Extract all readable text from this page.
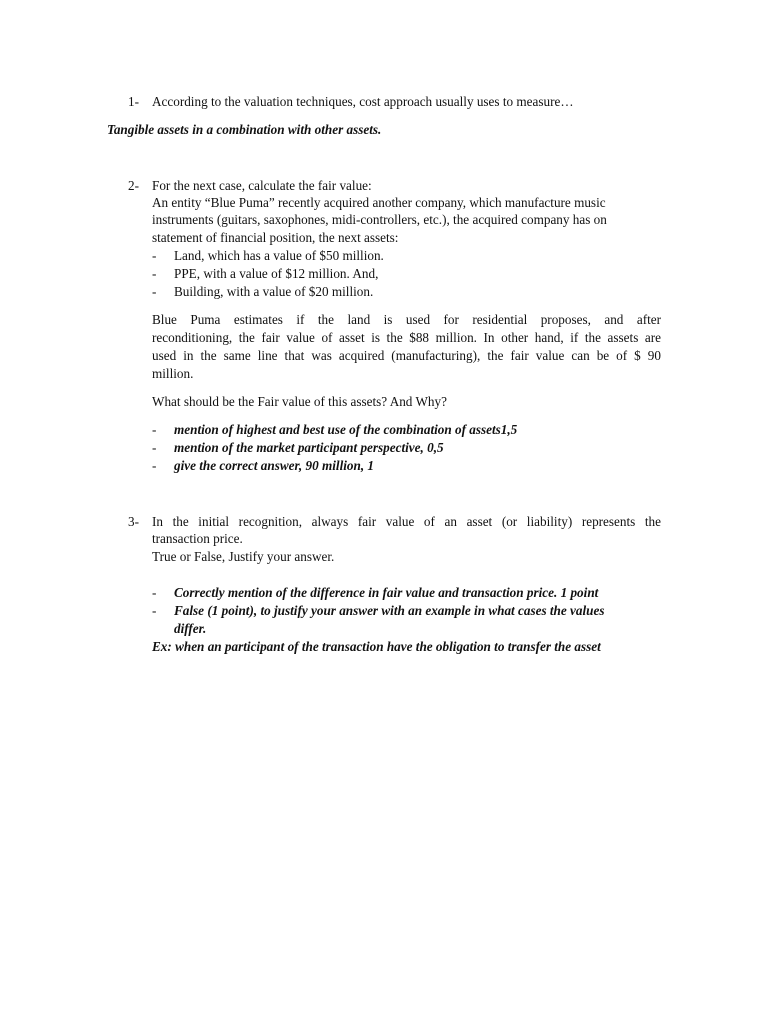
1- According to the valuation techniques, cost approach usually uses to measure…
Tangible assets in a combination with other assets.
2- For the next case, calculate the fair value:
An entity “Blue Puma” recently acquired another company, which manufacture music
instruments (guitars, saxophones, midi-controllers, etc.), the acquired company has on
statement of financial position, the next assets:
- Land, which has a value of $50 million.
- PPE, with a value of $12 million. And,
- Building, with a value of $20 million.
Blue Puma estimates if the land is used for residential proposes, and after
reconditioning, the fair value of asset is the $88 million. In other hand, if the assets are
used in the same line that was acquired (manufacturing), the fair value can be of $ 90
million.
What should be the Fair value of this assets? And Why?
- mention of highest and best use of the combination of assets1,5
- mention of the market participant perspective, 0,5
- give the correct answer, 90 million, 1
3- In the initial recognition, always fair value of an asset (or liability) represents the
transaction price.
True or False, Justify your answer.
- Correctly mention of the difference in fair value and transaction price. 1 point
- False (1 point), to justify your answer with an example in what cases the values
differ.
Ex: when an participant of the transaction have the obligation to transfer the asset
